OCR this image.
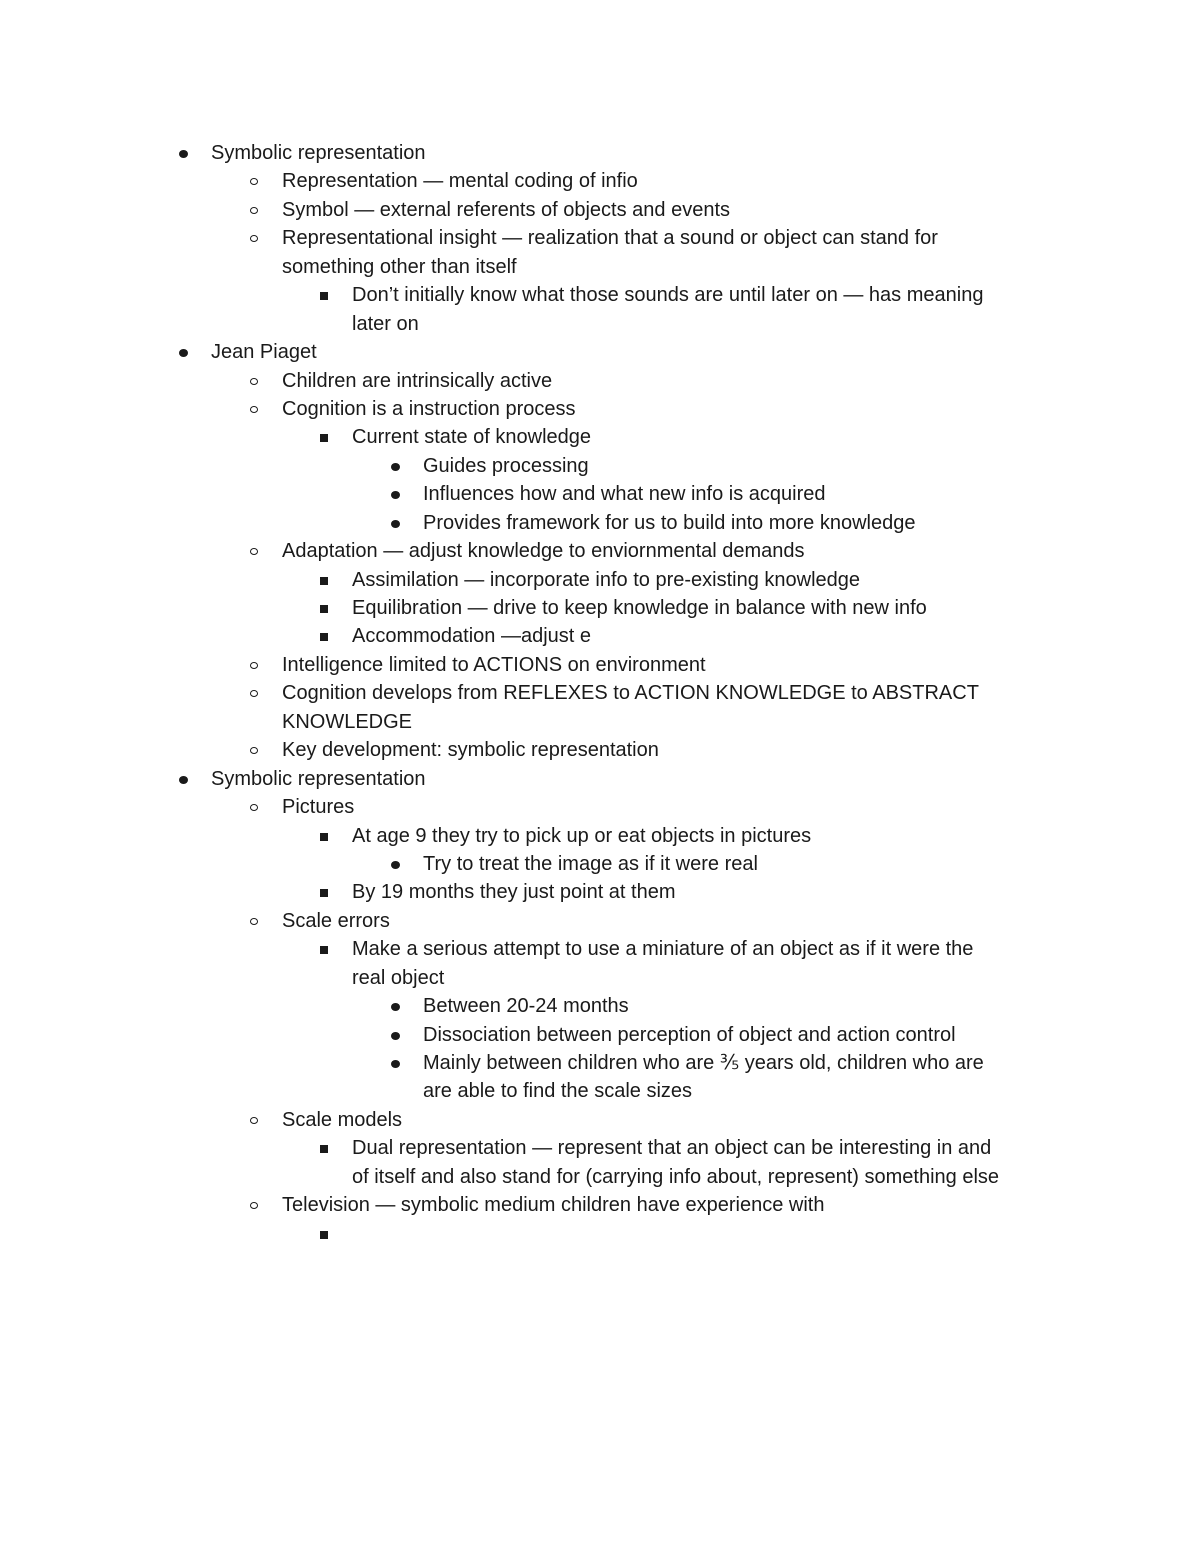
Symbolic representation
Representation — mental coding of infio
Symbol — external referents of objects and events
Representational insight — realization that a sound or object can stand for
something other than itself
Don’t initially know what those sounds are until later on — has meaning
later on
Jean Piaget
Children are intrinsically active
Cognition is a instruction process
Current state of knowledge
Guides processing
Influences how and what new info is acquired
Provides framework for us to build into more knowledge
Adaptation — adjust knowledge to enviornmental demands
Assimilation — incorporate info to pre-existing knowledge
Equilibration — drive to keep knowledge in balance with new info
Accommodation —adjust e
Intelligence limited to ACTIONS on environment
Cognition develops from REFLEXES to ACTION KNOWLEDGE to ABSTRACT
KNOWLEDGE
Key development: symbolic representation
Symbolic representation
Pictures
At age 9 they try to pick up or eat objects in pictures
Try to treat the image as if it were real
By 19 months they just point at them
Scale errors
Make a serious attempt to use a miniature of an object as if it were the
real object
Between 20-24 months
Dissociation between perception of object and action control
Mainly between children who are ⅗ years old, children who are
are able to find the scale sizes
Scale models
Dual representation — represent that an object can be interesting in and
of itself and also stand for (carrying info about, represent) something else
Television — symbolic medium children have experience with
